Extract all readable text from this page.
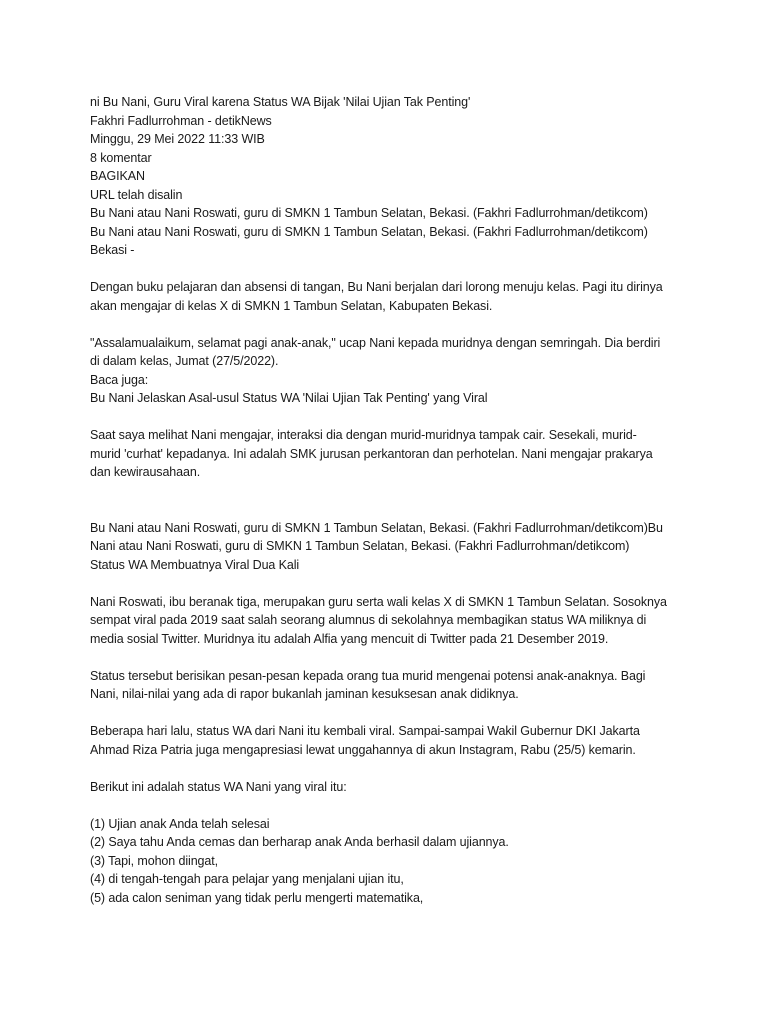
ni Bu Nani, Guru Viral karena Status WA Bijak 'Nilai Ujian Tak Penting'
Fakhri Fadlurrohman - detikNews
Minggu, 29 Mei 2022 11:33 WIB
8 komentar
BAGIKAN
URL telah disalin
Bu Nani atau Nani Roswati, guru di SMKN 1 Tambun Selatan, Bekasi. (Fakhri Fadlurrohman/detikcom)
Bu Nani atau Nani Roswati, guru di SMKN 1 Tambun Selatan, Bekasi. (Fakhri Fadlurrohman/detikcom)
Bekasi -
Dengan buku pelajaran dan absensi di tangan, Bu Nani berjalan dari lorong menuju kelas. Pagi itu dirinya
akan mengajar di kelas X di SMKN 1 Tambun Selatan, Kabupaten Bekasi.
"Assalamualaikum, selamat pagi anak-anak," ucap Nani kepada muridnya dengan semringah. Dia berdiri
di dalam kelas, Jumat (27/5/2022).
Baca juga:
Bu Nani Jelaskan Asal-usul Status WA 'Nilai Ujian Tak Penting' yang Viral
Saat saya melihat Nani mengajar, interaksi dia dengan murid-muridnya tampak cair. Sesekali, murid-
murid 'curhat' kepadanya. Ini adalah SMK jurusan perkantoran dan perhotelan. Nani mengajar prakarya
dan kewirausahaan.
Bu Nani atau Nani Roswati, guru di SMKN 1 Tambun Selatan, Bekasi. (Fakhri Fadlurrohman/detikcom)Bu
Nani atau Nani Roswati, guru di SMKN 1 Tambun Selatan, Bekasi. (Fakhri Fadlurrohman/detikcom)
Status WA Membuatnya Viral Dua Kali
Nani Roswati, ibu beranak tiga, merupakan guru serta wali kelas X di SMKN 1 Tambun Selatan. Sosoknya
sempat viral pada 2019 saat salah seorang alumnus di sekolahnya membagikan status WA miliknya di
media sosial Twitter. Muridnya itu adalah Alfia yang mencuit di Twitter pada 21 Desember 2019.
Status tersebut berisikan pesan-pesan kepada orang tua murid mengenai potensi anak-anaknya. Bagi
Nani, nilai-nilai yang ada di rapor bukanlah jaminan kesuksesan anak didiknya.
Beberapa hari lalu, status WA dari Nani itu kembali viral. Sampai-sampai Wakil Gubernur DKI Jakarta
Ahmad Riza Patria juga mengapresiasi lewat unggahannya di akun Instagram, Rabu (25/5) kemarin.
Berikut ini adalah status WA Nani yang viral itu:
(1) Ujian anak Anda telah selesai
(2) Saya tahu Anda cemas dan berharap anak Anda berhasil dalam ujiannya.
(3) Tapi, mohon diingat,
(4) di tengah-tengah para pelajar yang menjalani ujian itu,
(5) ada calon seniman yang tidak perlu mengerti matematika,
